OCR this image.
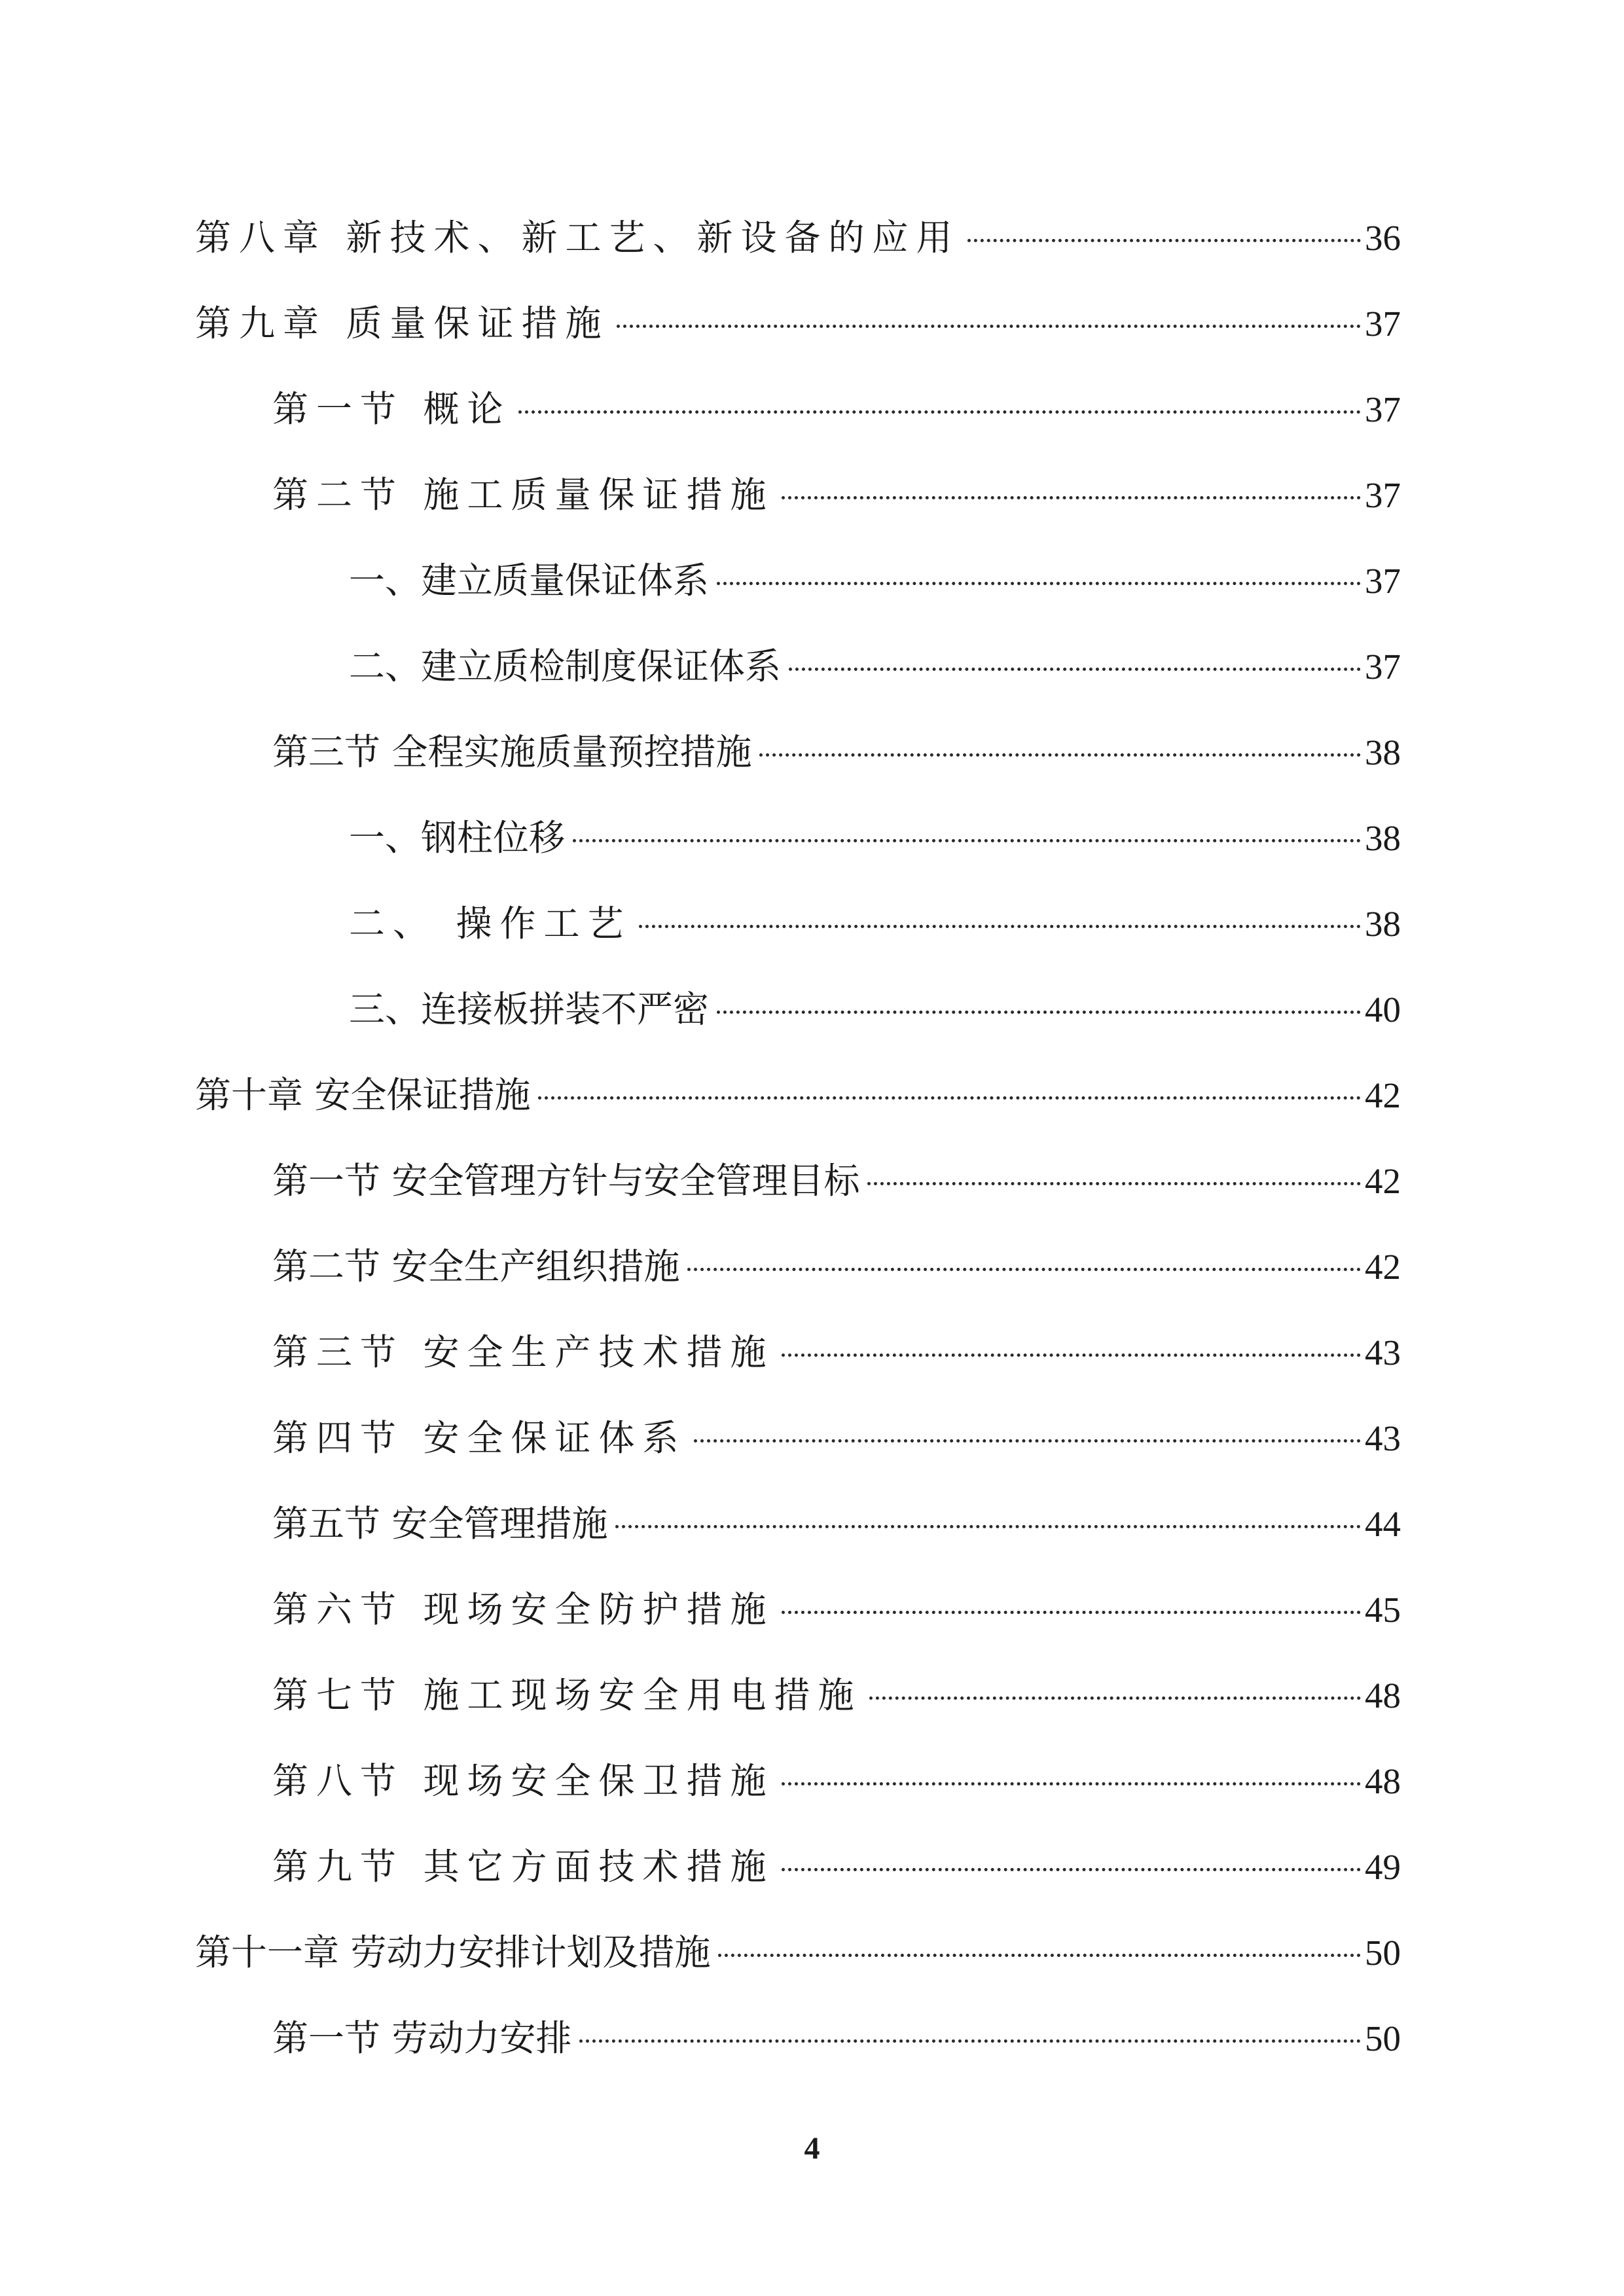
第八章 新技术、新工艺、新设备的应用	36
第九章 质量保证措施	37
第一节 概论	37
第二节 施工质量保证措施	37
一、建立质量保证体系	37
二、建立质检制度保证体系	37
第三节 全程实施质量预控措施	38
一、钢柱位移	38
二、 操作工艺	38
三、连接板拼装不严密	40
第十章 安全保证措施	42
第一节 安全管理方针与安全管理目标	42
第二节 安全生产组织措施	42
第三节 安全生产技术措施	43
第四节 安全保证体系	43
第五节 安全管理措施	44
第六节 现场安全防护措施	45
第七节 施工现场安全用电措施	48
第八节 现场安全保卫措施	48
第九节 其它方面技术措施	49
第十一章 劳动力安排计划及措施	50
第一节 劳动力安排	50
4
